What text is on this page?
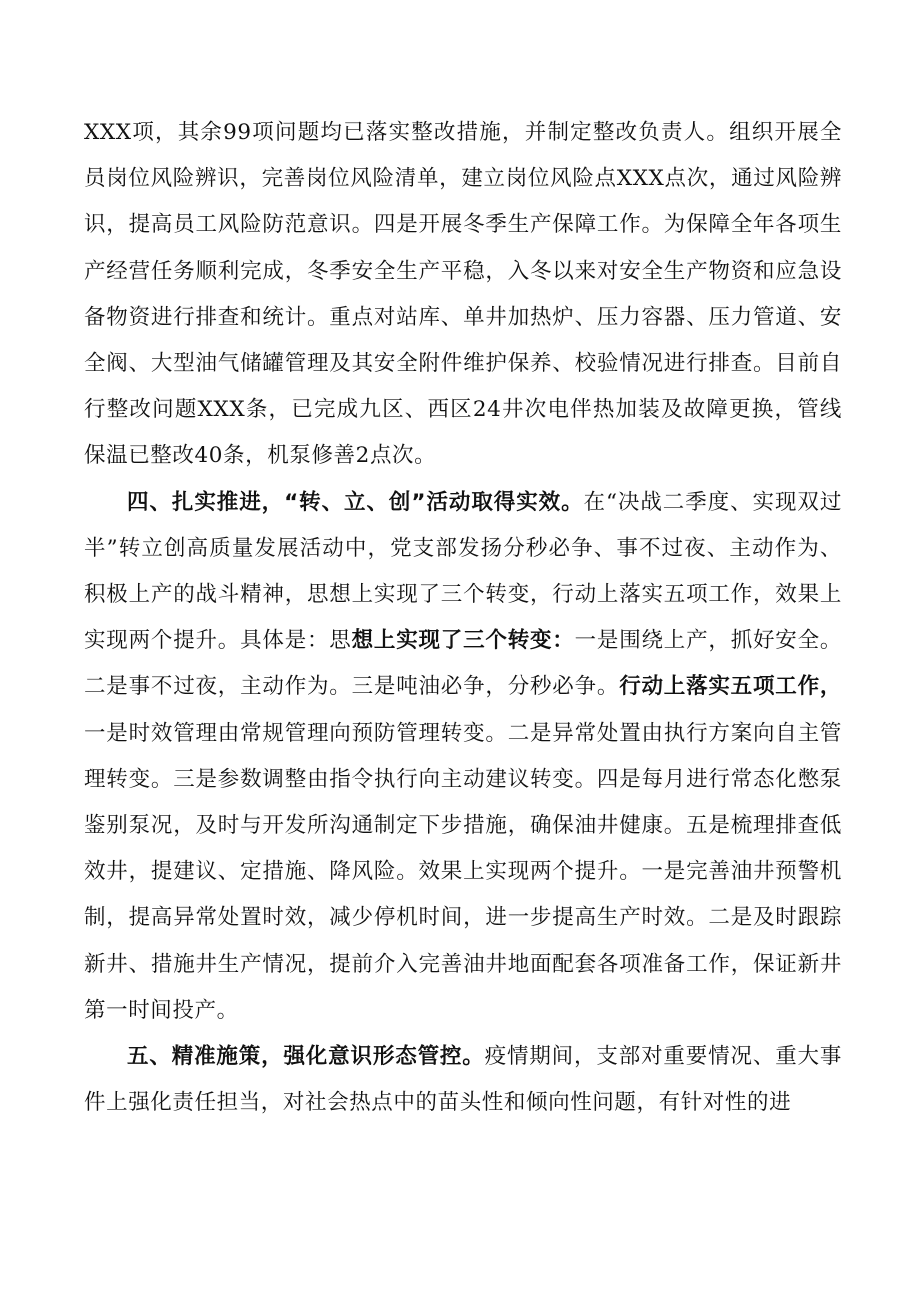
XXX项，其余99项问题均已落实整改措施，并制定整改负责人。组织开展全员岗位风险辨识，完善岗位风险清单，建立岗位风险点XXX点次，通过风险辨识，提高员工风险防范意识。四是开展冬季生产保障工作。为保障全年各项生产经营任务顺利完成，冬季安全生产平稳，入冬以来对安全生产物资和应急设备物资进行排查和统计。重点对站库、单井加热炉、压力容器、压力管道、安全阀、大型油气储罐管理及其安全附件维护保养、校验情况进行排查。目前自行整改问题XXX条，已完成九区、西区24井次电伴热加装及故障更换，管线保温已整改40条，机泵修善2点次。

四、扎实推进，“转、立、创”活动取得实效。在“决战二季度、实现双过半”转立创高质量发展活动中，党支部发扬分秒必争、事不过夜、主动作为、积极上产的战斗精神，思想上实现了三个转变，行动上落实五项工作，效果上实现两个提升。具体是：思想上实现了三个转变：一是围绕上产，抓好安全。二是事不过夜，主动作为。三是吨油必争，分秒必争。行动上落实五项工作，一是时效管理由常规管理向预防管理转变。二是异常处置由执行方案向自主管理转变。三是参数调整由指令执行向主动建议转变。四是每月进行常态化憋泵鉴别泵况，及时与开发所沟通制定下步措施，确保油井健康。五是梳理排查低效井，提建议、定措施、降风险。效果上实现两个提升。一是完善油井预警机制，提高异常处置时效，减少停机时间，进一步提高生产时效。二是及时跟踪新井、措施井生产情况，提前介入完善油井地面配套各项准备工作，保证新井第一时间投产。

五、精准施策，强化意识形态管控。疫情期间，支部对重要情况、重大事件上强化责任担当，对社会热点中的苗头性和倾向性问题，有针对性的进
